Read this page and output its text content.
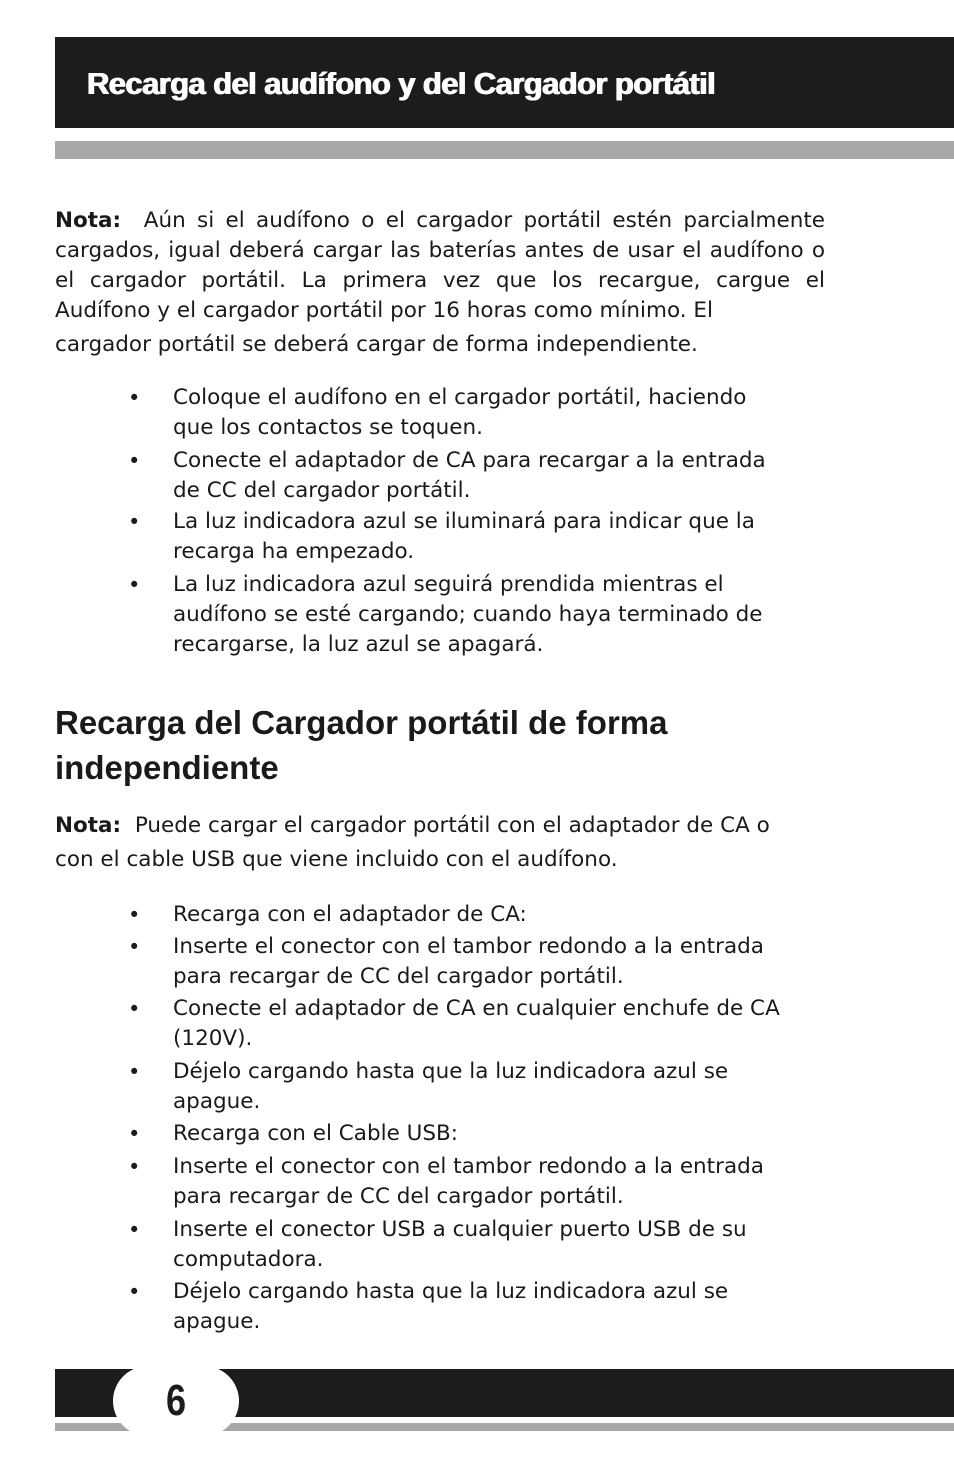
Recarga del audífono y del Cargador portátil

Nota: Aún si el audífono o el cargador portátil estén parcialmente cargados, igual deberá cargar las baterías antes de usar el audífono o el cargador portátil. La primera vez que los recargue, cargue el Audífono y el cargador portátil por 16 horas como mínimo. El
cargador portátil se deberá cargar de forma independiente.

• Coloque el audífono en el cargador portátil, haciendo
que los contactos se toquen.
• Conecte el adaptador de CA para recargar a la entrada
de CC del cargador portátil.
• La luz indicadora azul se iluminará para indicar que la
recarga ha empezado.
• La luz indicadora azul seguirá prendida mientras el
audífono se esté cargando; cuando haya terminado de recargarse, la luz azul se apagará.
Recarga del Cargador portátil de forma
independiente

Nota: Puede cargar el cargador portátil con el adaptador de CA o
con el cable USB que viene incluido con el audífono.

• Recarga con el adaptador de CA:
• Inserte el conector con el tambor redondo a la entrada
para recargar de CC del cargador portátil.
• Conecte el adaptador de CA en cualquier enchufe de CA
(120V).
• Déjelo cargando hasta que la luz indicadora azul se
apague.
• Recarga con el Cable USB:
• Inserte el conector con el tambor redondo a la entrada
para recargar de CC del cargador portátil.
• Inserte el conector USB a cualquier puerto USB de su
computadora.
• Déjelo cargando hasta que la luz indicadora azul se
apague.
6
